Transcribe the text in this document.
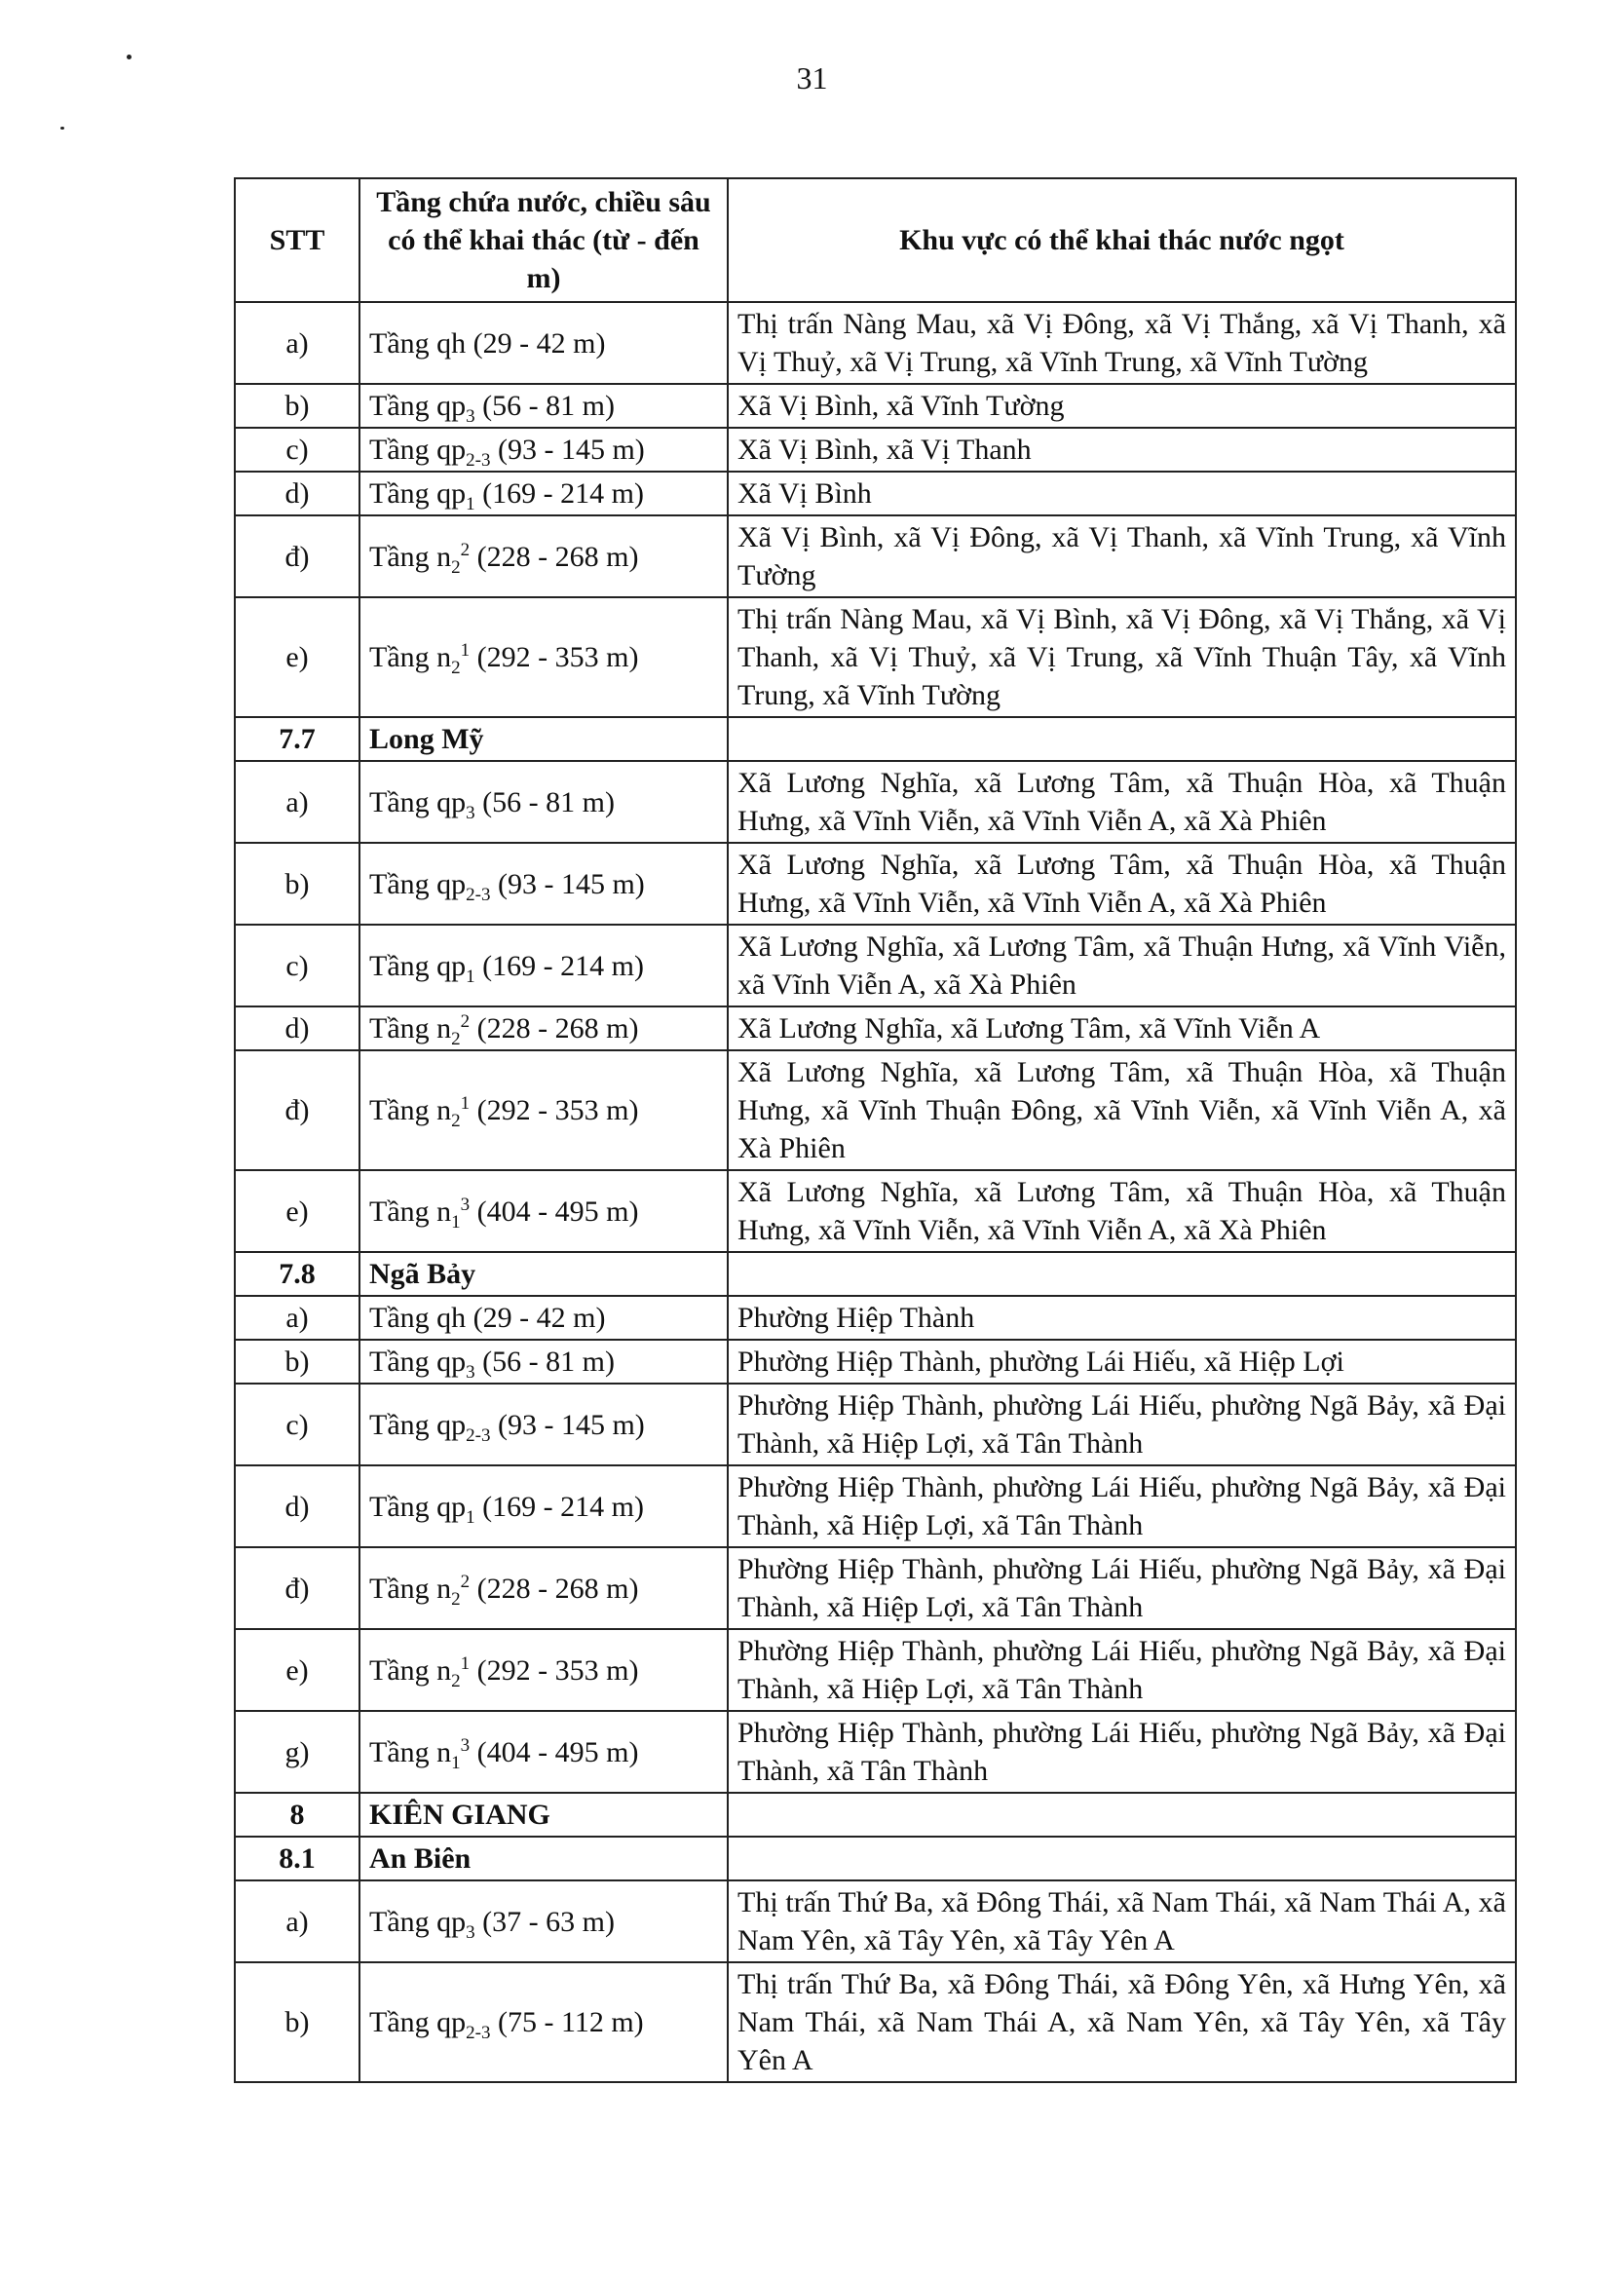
31
STT	Tầng chứa nước, chiều sâu có thể khai thác (từ - đến m)	Khu vực có thể khai thác nước ngọt
a)	Tầng qh (29 - 42 m)	Thị trấn Nàng Mau, xã Vị Đông, xã Vị Thắng, xã Vị Thanh, xã Vị Thuỷ, xã Vị Trung, xã Vĩnh Trung, xã Vĩnh Tường
b)	Tầng $qp_3$ (56 - 81 m)	Xã Vị Bình, xã Vĩnh Tường
c)	Tầng $qp_{2-3}$ (93 - 145 m)	Xã Vị Bình, xã Vị Thanh
d)	Tầng $qp_1$ (169 - 214 m)	Xã Vị Bình
đ)	Tầng $n_2^2$ (228 - 268 m)	Xã Vị Bình, xã Vị Đông, xã Vị Thanh, xã Vĩnh Trung, xã Vĩnh Tường
e)	Tầng $n_2^1$ (292 - 353 m)	Thị trấn Nàng Mau, xã Vị Bình, xã Vị Đông, xã Vị Thắng, xã Vị Thanh, xã Vị Thuỷ, xã Vị Trung, xã Vĩnh Thuận Tây, xã Vĩnh Trung, xã Vĩnh Tường
7.7	Long Mỹ	
a)	Tầng $qp_3$ (56 - 81 m)	Xã Lương Nghĩa, xã Lương Tâm, xã Thuận Hòa, xã Thuận Hưng, xã Vĩnh Viễn, xã Vĩnh Viễn A, xã Xà Phiên
b)	Tầng $qp_{2-3}$ (93 - 145 m)	Xã Lương Nghĩa, xã Lương Tâm, xã Thuận Hòa, xã Thuận Hưng, xã Vĩnh Viễn, xã Vĩnh Viễn A, xã Xà Phiên
c)	Tầng $qp_1$ (169 - 214 m)	Xã Lương Nghĩa, xã Lương Tâm, xã Thuận Hưng, xã Vĩnh Viễn, xã Vĩnh Viễn A, xã Xà Phiên
d)	Tầng $n_2^2$ (228 - 268 m)	Xã Lương Nghĩa, xã Lương Tâm, xã Vĩnh Viễn A
đ)	Tầng $n_2^1$ (292 - 353 m)	Xã Lương Nghĩa, xã Lương Tâm, xã Thuận Hòa, xã Thuận Hưng, xã Vĩnh Thuận Đông, xã Vĩnh Viễn, xã Vĩnh Viễn A, xã Xà Phiên
e)	Tầng $n_1^3$ (404 - 495 m)	Xã Lương Nghĩa, xã Lương Tâm, xã Thuận Hòa, xã Thuận Hưng, xã Vĩnh Viễn, xã Vĩnh Viễn A, xã Xà Phiên
7.8	Ngã Bảy	
a)	Tầng qh (29 - 42 m)	Phường Hiệp Thành
b)	Tầng $qp_3$ (56 - 81 m)	Phường Hiệp Thành, phường Lái Hiếu, xã Hiệp Lợi
c)	Tầng $qp_{2-3}$ (93 - 145 m)	Phường Hiệp Thành, phường Lái Hiếu, phường Ngã Bảy, xã Đại Thành, xã Hiệp Lợi, xã Tân Thành
d)	Tầng $qp_1$ (169 - 214 m)	Phường Hiệp Thành, phường Lái Hiếu, phường Ngã Bảy, xã Đại Thành, xã Hiệp Lợi, xã Tân Thành
đ)	Tầng $n_2^2$ (228 - 268 m)	Phường Hiệp Thành, phường Lái Hiếu, phường Ngã Bảy, xã Đại Thành, xã Hiệp Lợi, xã Tân Thành
e)	Tầng $n_2^1$ (292 - 353 m)	Phường Hiệp Thành, phường Lái Hiếu, phường Ngã Bảy, xã Đại Thành, xã Hiệp Lợi, xã Tân Thành
g)	Tầng $n_1^3$ (404 - 495 m)	Phường Hiệp Thành, phường Lái Hiếu, phường Ngã Bảy, xã Đại Thành, xã Tân Thành
8	KIÊN GIANG	
8.1	An Biên	
a)	Tầng $qp_3$ (37 - 63 m)	Thị trấn Thứ Ba, xã Đông Thái, xã Nam Thái, xã Nam Thái A, xã Nam Yên, xã Tây Yên, xã Tây Yên A
b)	Tầng $qp_{2-3}$ (75 - 112 m)	Thị trấn Thứ Ba, xã Đông Thái, xã Đông Yên, xã Hưng Yên, xã Nam Thái, xã Nam Thái A, xã Nam Yên, xã Tây Yên, xã Tây Yên A
